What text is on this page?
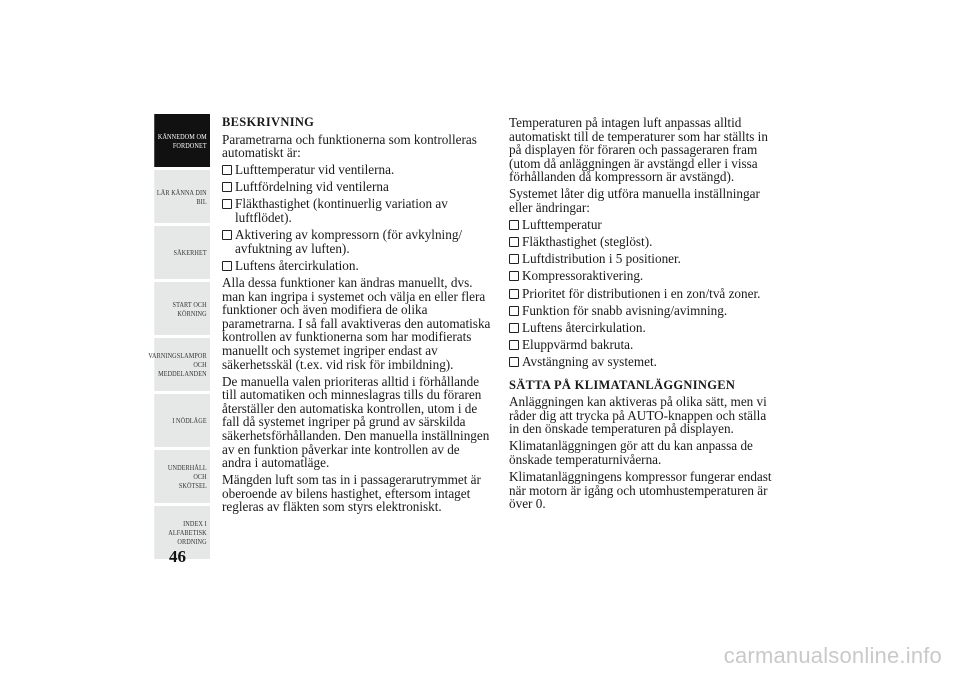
KÄNNEDOM OM
FORDONET
LÄR KÄNNA DIN
BIL
SÄKERHET
START OCH
KÖRNING
VARNINGSLAMPOR
OCH
MEDDELANDEN
I NÖDLÄGE
UNDERHÅLL OCH
SKÖTSEL
INDEX I
ALFABETISK
ORDNING
46
BESKRIVNING
Parametrarna och funktionerna som kontrolleras automatiskt är:
Lufttemperatur vid ventilerna.
Luftfördelning vid ventilerna
Fläkthastighet (kontinuerlig variation av luftflödet).
Aktivering av kompressorn (för avkylning/ avfuktning av luften).
Luftens återcirkulation.
Alla dessa funktioner kan ändras manuellt, dvs. man kan ingripa i systemet och välja en eller flera funktioner och även modifiera de olika parametrarna. I så fall avaktiveras den automatiska kontrollen av funktionerna som har modifierats manuellt och systemet ingriper endast av säkerhetsskäl (t.ex. vid risk för imbildning).
De manuella valen prioriteras alltid i förhållande till automatiken och minneslagras tills du föraren återställer den automatiska kontrollen, utom i de fall då systemet ingriper på grund av särskilda säkerhetsförhållanden. Den manuella inställningen av en funktion påverkar inte kontrollen av de andra i automatläge.
Mängden luft som tas in i passagerarutrymmet är oberoende av bilens hastighet, eftersom intaget regleras av fläkten som styrs elektroniskt.
Temperaturen på intagen luft anpassas alltid automatiskt till de temperaturer som har ställts in på displayen för föraren och passageraren fram (utom då anläggningen är avstängd eller i vissa förhållanden då kompressorn är avstängd).
Systemet låter dig utföra manuella inställningar eller ändringar:
Lufttemperatur
Fläkthastighet (steglöst).
Luftdistribution i 5 positioner.
Kompressoraktivering.
Prioritet för distributionen i en zon/två zoner.
Funktion för snabb avisning/avimning.
Luftens återcirkulation.
Eluppvärmd bakruta.
Avstängning av systemet.
SÄTTA PÅ KLIMATANLÄGGNINGEN
Anläggningen kan aktiveras på olika sätt, men vi råder dig att trycka på AUTO-knappen och ställa in den önskade temperaturen på displayen.
Klimatanläggningen gör att du kan anpassa de önskade temperaturnivåerna.
Klimatanläggningens kompressor fungerar endast när motorn är igång och utomhustemperaturen är över 0.
carmanualsonline.info
